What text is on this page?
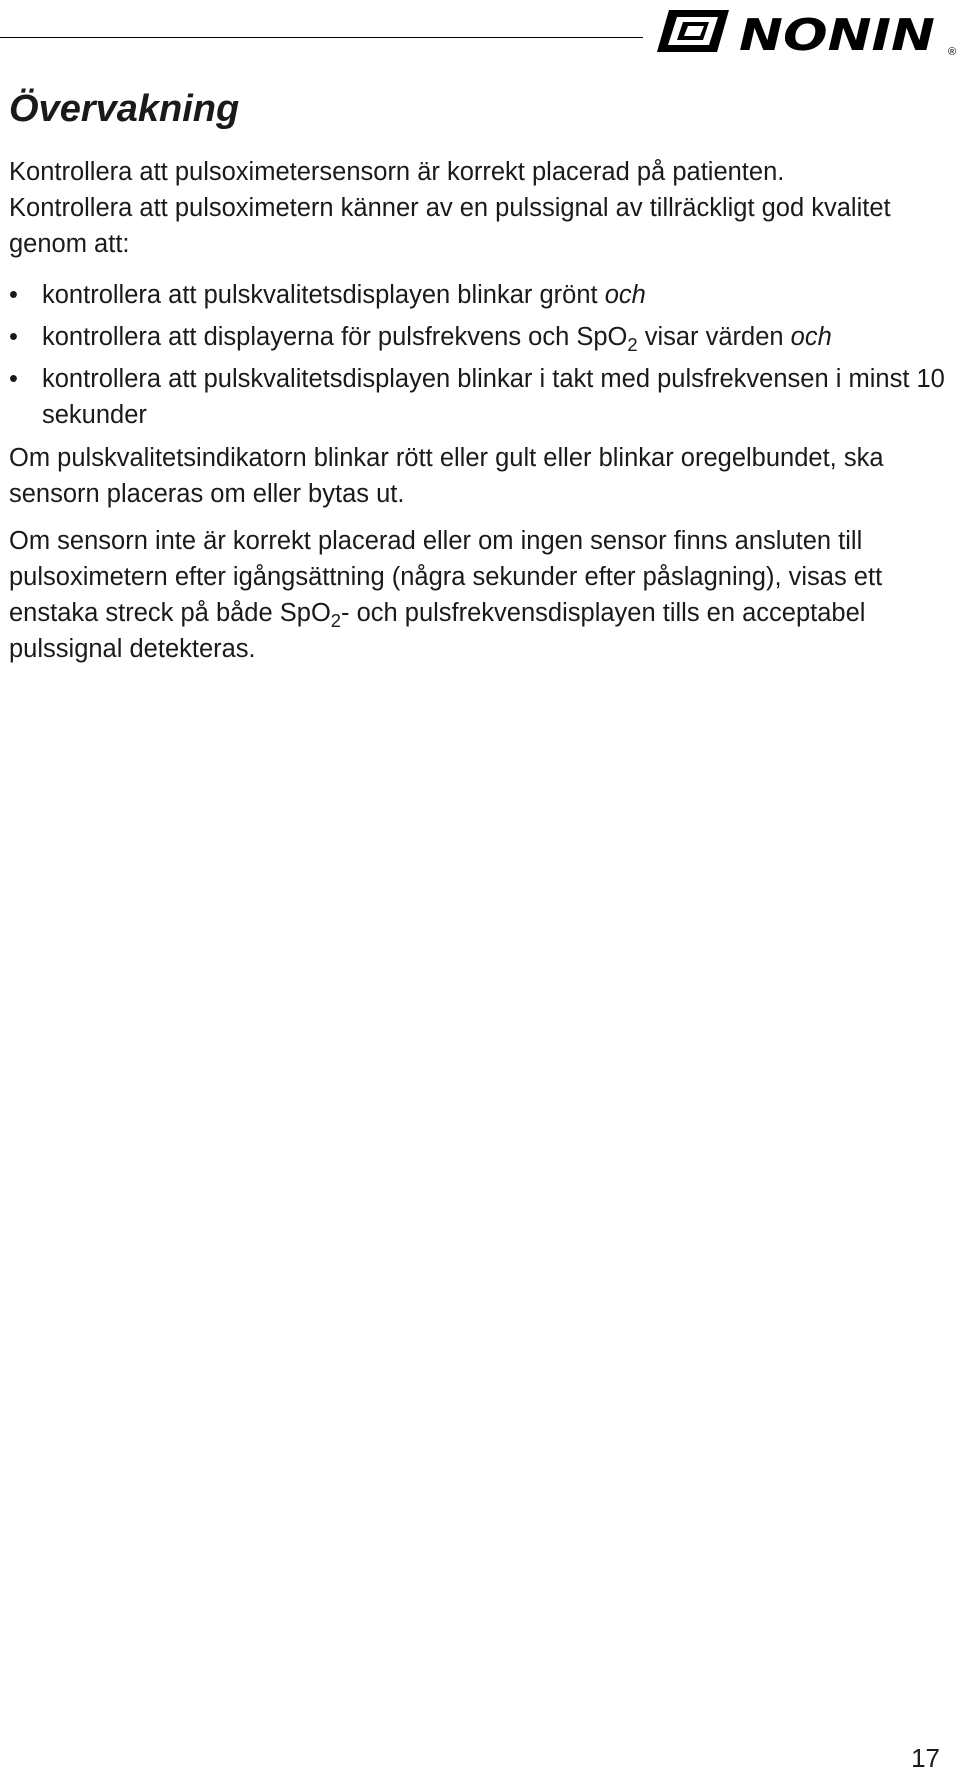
NONIN ®
Övervakning

Kontrollera att pulsoximetersensorn är korrekt placerad på patienten.
Kontrollera att pulsoximetern känner av en pulssignal av tillräckligt god kvalitet genom att:

• kontrollera att pulskvalitetsdisplayen blinkar grönt och
• kontrollera att displayerna för pulsfrekvens och SpO$_2$ visar värden och
• kontrollera att pulskvalitetsdisplayen blinkar i takt med pulsfrekvensen i minst 10 sekunder

Om pulskvalitetsindikatorn blinkar rött eller gult eller blinkar oregelbundet, ska sensorn placeras om eller bytas ut.

Om sensorn inte är korrekt placerad eller om ingen sensor finns ansluten till pulsoximetern efter igångsättning (några sekunder efter påslagning), visas ett enstaka streck på både SpO$_2$- och pulsfrekvensdisplayen tills en acceptabel pulssignal detekteras.

17
